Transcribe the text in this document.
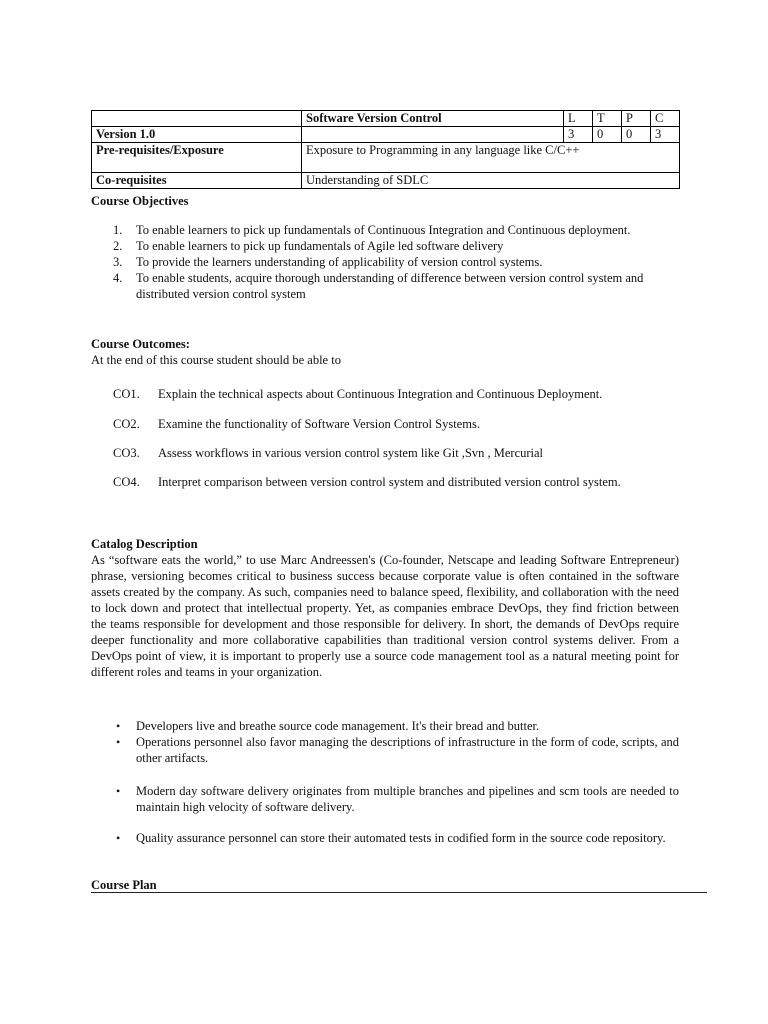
	Software Version Control	L	T	P	C
Version 1.0		3	0	0	3
Pre-requisites/Exposure	Exposure to Programming in any language like C/C++				
Co-requisites	Understanding of SDLC				
Course Objectives
1. To enable learners to pick up fundamentals of Continuous Integration and Continuous deployment.
2. To enable learners to pick up fundamentals of Agile led software delivery
3. To provide the learners understanding of applicability of version control systems.
4. To enable students, acquire thorough understanding of difference between version control system and distributed version control system
Course Outcomes:
At the end of this course student should be able to
CO1. Explain the technical aspects about Continuous Integration and Continuous Deployment.
CO2. Examine the functionality of Software Version Control Systems.
CO3. Assess workflows in various version control system like Git ,Svn , Mercurial
CO4. Interpret comparison between version control system and distributed version control system.
Catalog Description
As “software eats the world,” to use Marc Andreessen's (Co-founder, Netscape and leading Software Entrepreneur) phrase, versioning becomes critical to business success because corporate value is often contained in the software assets created by the company. As such, companies need to balance speed, flexibility, and collaboration with the need to lock down and protect that intellectual property. Yet, as companies embrace DevOps, they find friction between the teams responsible for development and those responsible for delivery. In short, the demands of DevOps require deeper functionality and more collaborative capabilities than traditional version control systems deliver. From a DevOps point of view, it is important to properly use a source code management tool as a natural meeting point for different roles and teams in your organization.
• Developers live and breathe source code management. It's their bread and butter.
• Operations personnel also favor managing the descriptions of infrastructure in the form of code, scripts, and other artifacts.
• Modern day software delivery originates from multiple branches and pipelines and scm tools are needed to maintain high velocity of software delivery.
• Quality assurance personnel can store their automated tests in codified form in the source code repository.
Course Plan
